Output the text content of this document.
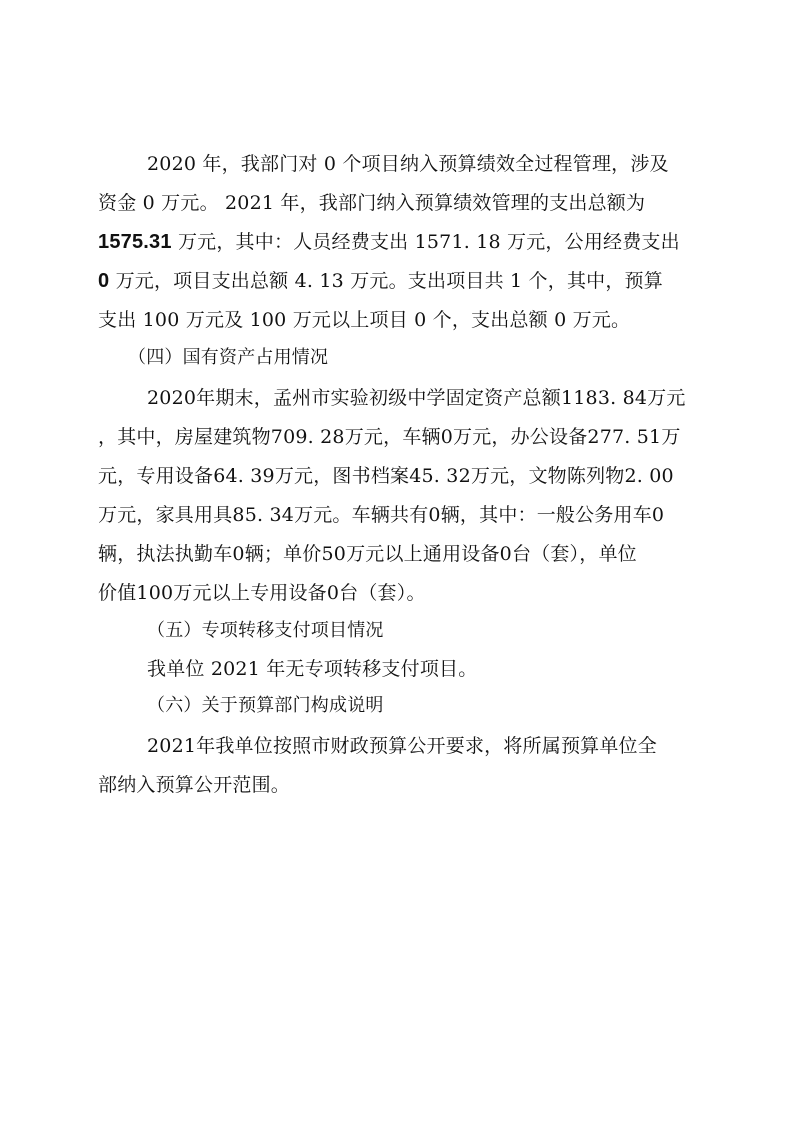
2020 年，我部门对 0 个项目纳入预算绩效全过程管理，涉及
资金 0 万元。 2021 年，我部门纳入预算绩效管理的支出总额为
1575.31 万元，其中：人员经费支出 1571. 18 万元，公用经费支出
0 万元，项目支出总额 4. 13 万元。支出项目共 1 个，其中，预算
支出 100 万元及 100 万元以上项目 0 个，支出总额 0 万元。
（四）国有资产占用情况
2020年期末，孟州市实验初级中学固定资产总额1183. 84万元
，其中，房屋建筑物709. 28万元，车辆0万元，办公设备277. 51万
元，专用设备64. 39万元，图书档案45. 32万元，文物陈列物2. 00
万元，家具用具85. 34万元。车辆共有0辆，其中：一般公务用车0
辆，执法执勤车0辆；单价50万元以上通用设备0台（套），单位
价值100万元以上专用设备0台（套）。
（五）专项转移支付项目情况
我单位 2021 年无专项转移支付项目。
（六）关于预算部门构成说明
2021年我单位按照市财政预算公开要求，将所属预算单位全
部纳入预算公开范围。
